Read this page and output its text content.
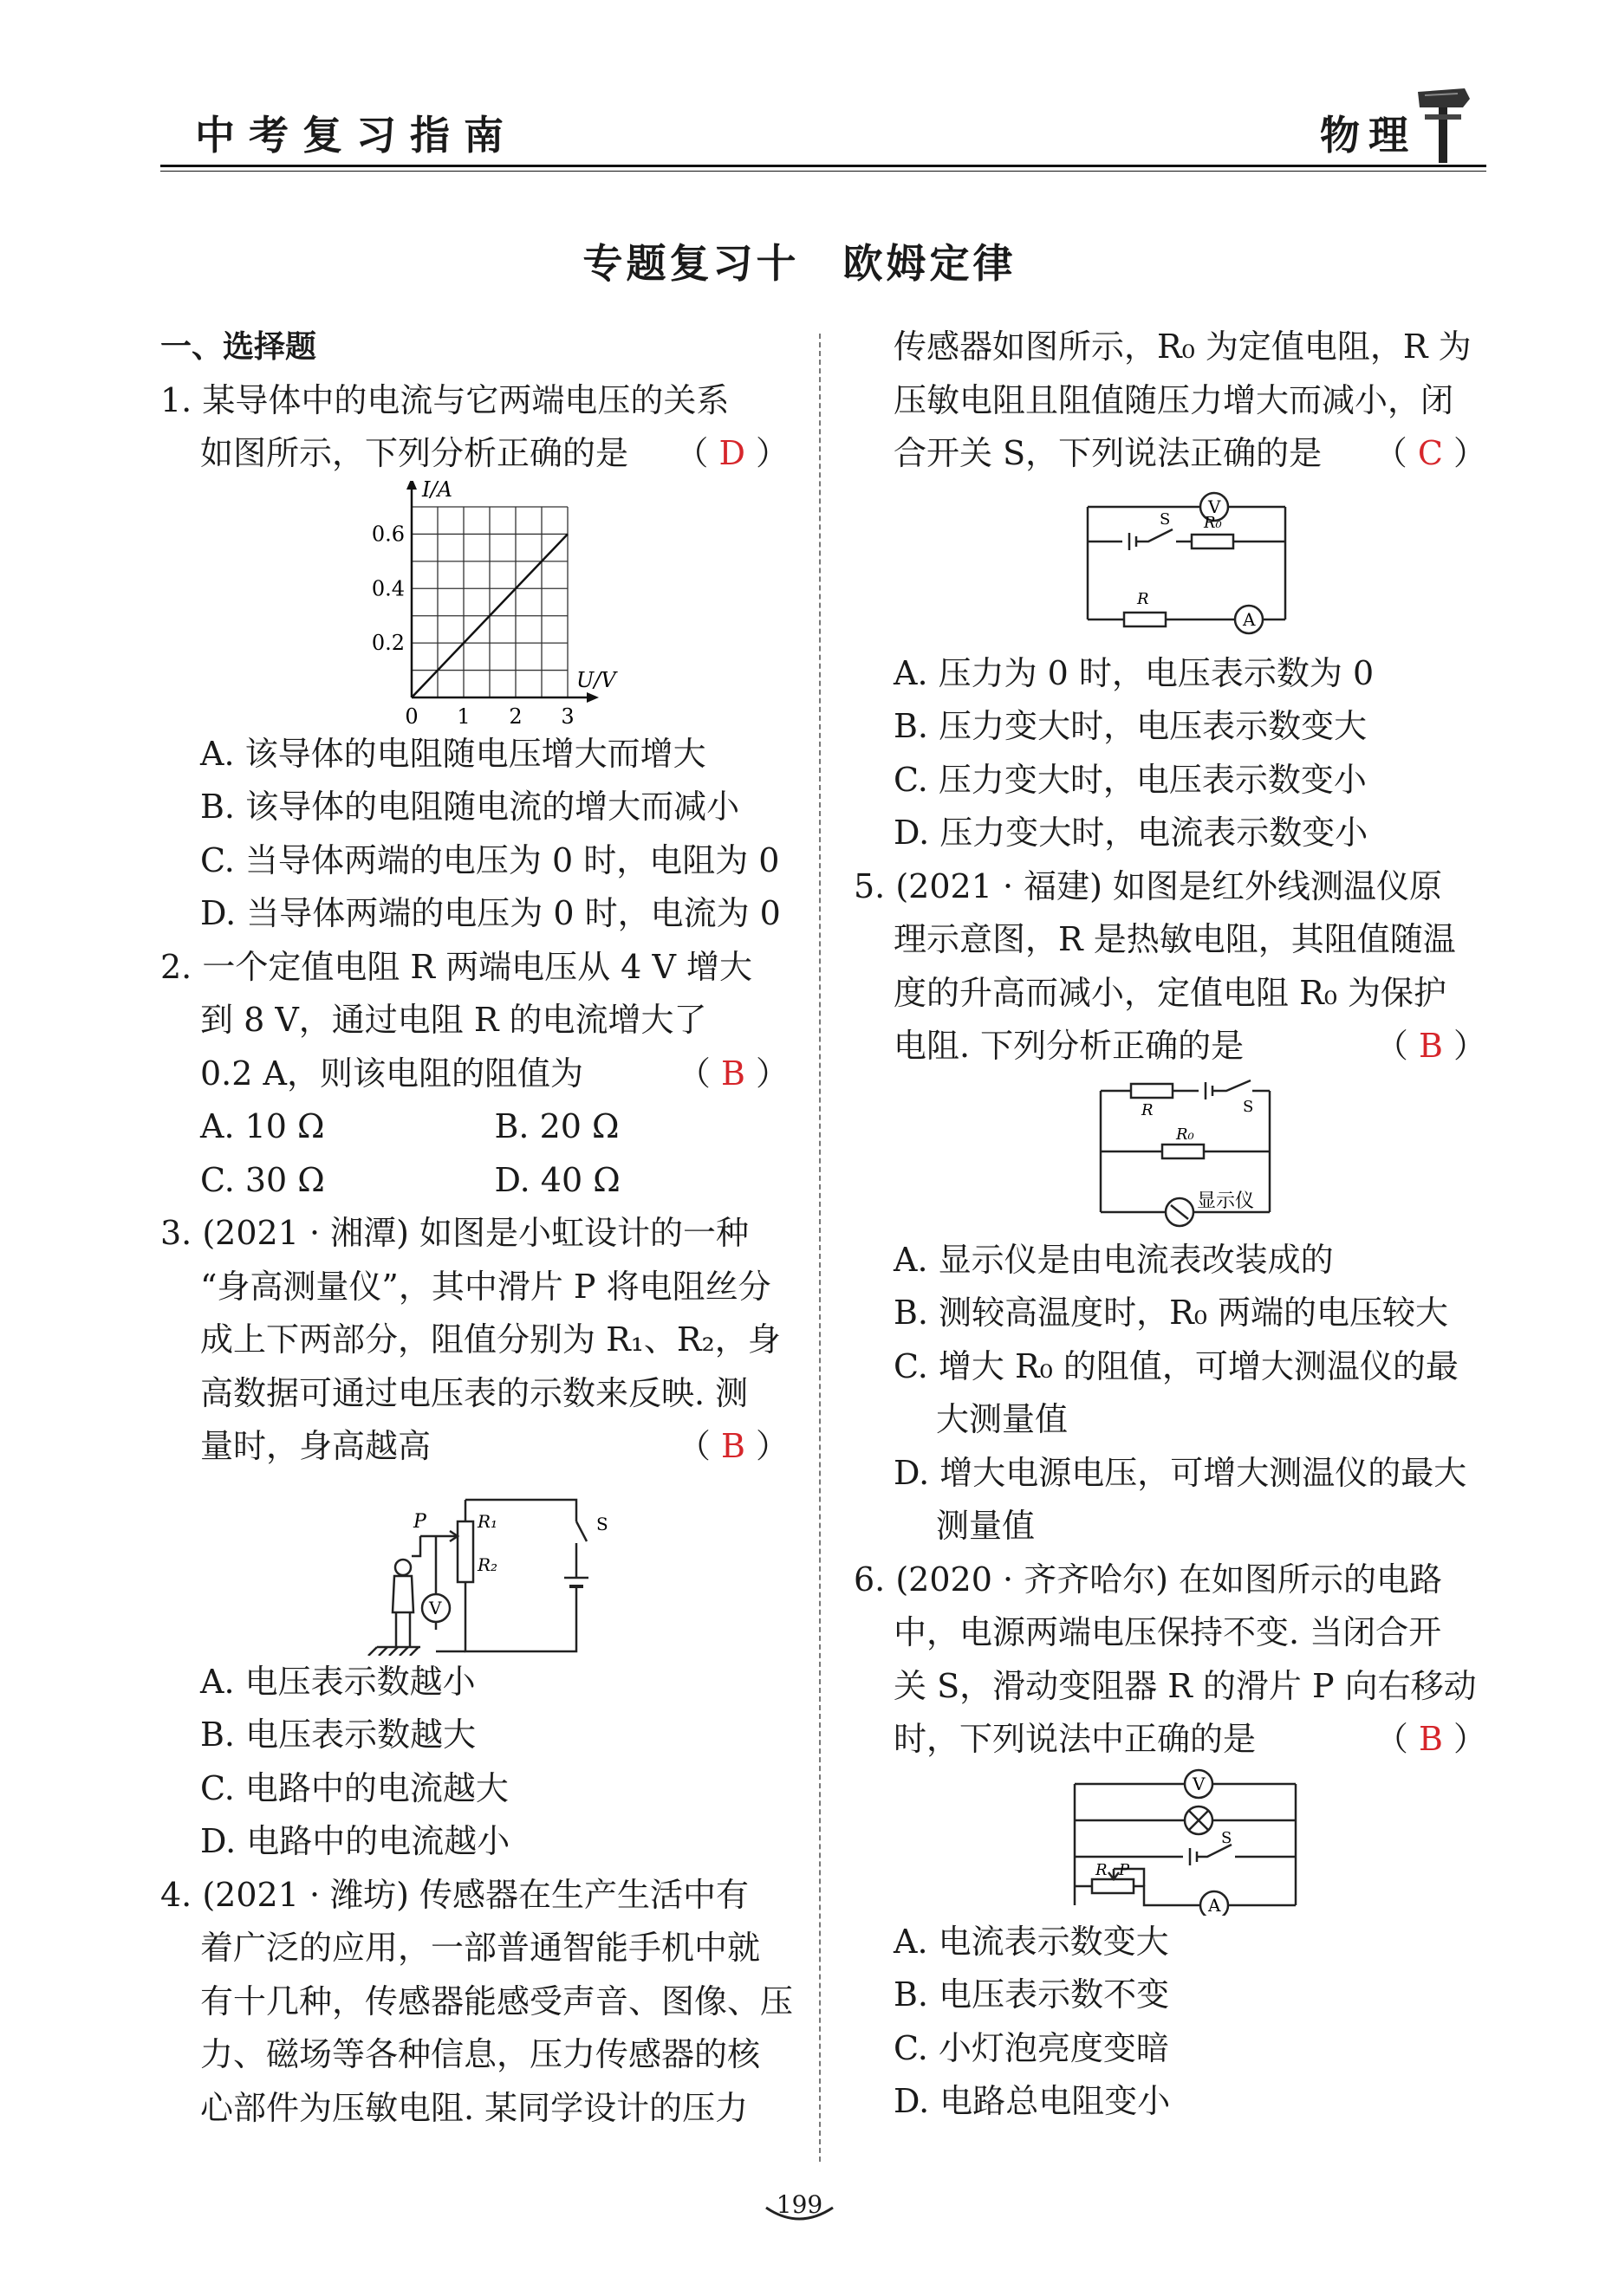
中考复习指南	物理
专题复习十　欧姆定律
一、选择题
1. 某导体中的电流与它两端电压的关系
如图所示，下列分析正确的是 （ D ）
0.2
0.4
0.6
0 1 2 3
I/A
U/V
A. 该导体的电阻随电压增大而增大
B. 该导体的电阻随电流的增大而减小
C. 当导体两端的电压为 0 时，电阻为 0
D. 当导体两端的电压为 0 时，电流为 0
2. 一个定值电阻 R 两端电压从 4 V 增大
到 8 V，通过电阻 R 的电流增大了
0.2 A，则该电阻的阻值为	（ B ）
A. 10 Ω	B. 20 Ω
C. 30 Ω	D. 40 Ω
3. (2021 · 湘潭) 如图是小虹设计的一种
“身高测量仪”，其中滑片 P 将电阻丝分
成上下两部分，阻值分别为 R₁、R₂，身
高数据可通过电压表的示数来反映. 测
量时，身高越高	（ B ）
P	R₁
R₂
S
V
A. 电压表示数越小
B. 电压表示数越大
C. 电路中的电流越大
D. 电路中的电流越小
4. (2021 · 潍坊) 传感器在生产生活中有
着广泛的应用，一部普通智能手机中就
有十几种，传感器能感受声音、图像、压
力、磁场等各种信息，压力传感器的核
心部件为压敏电阻. 某同学设计的压力
传感器如图所示，R₀ 为定值电阻，R 为
压敏电阻且阻值随压力增大而减小，闭
合开关 S，下列说法正确的是 （ C ）
V
S R₀
R
A
A. 压力为 0 时，电压表示数为 0
B. 压力变大时，电压表示数变大
C. 压力变大时，电压表示数变小
D. 压力变大时，电流表示数变小
5. (2021 · 福建) 如图是红外线测温仪原
理示意图，R 是热敏电阻，其阻值随温
度的升高而减小，定值电阻 R₀ 为保护
电阻. 下列分析正确的是	（ B ）
R	S
R₀
显示仪
A. 显示仪是由电流表改装成的
B. 测较高温度时，R₀ 两端的电压较大
C. 增大 R₀ 的阻值，可增大测温仪的最
大测量值
D. 增大电源电压，可增大测温仪的最大
测量值
6. (2020 · 齐齐哈尔) 在如图所示的电路
中，电源两端电压保持不变. 当闭合开
关 S，滑动变阻器 R 的滑片 P 向右移动
时，下列说法中正确的是	（ B ）
V
S
R P
A
A. 电流表示数变大
B. 电压表示数不变
C. 小灯泡亮度变暗
D. 电路总电阻变小
199
